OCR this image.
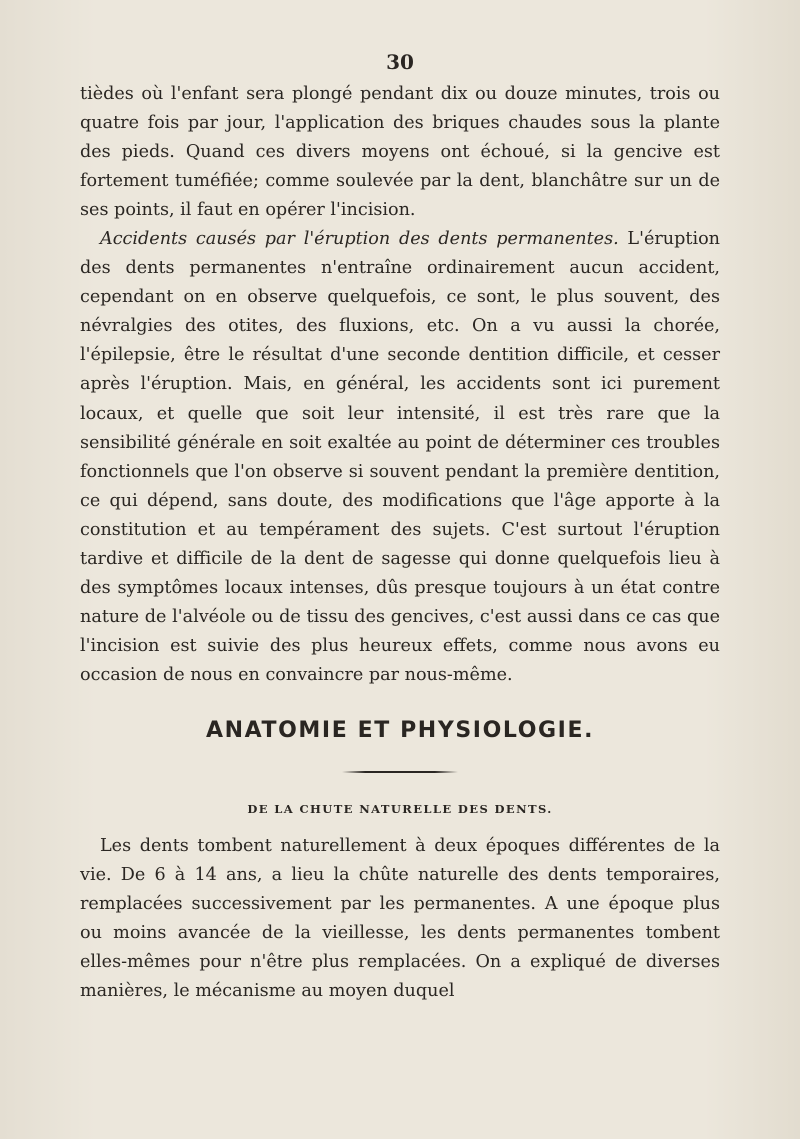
30

tièdes où l'enfant sera plongé pendant dix ou douze minutes, trois ou quatre fois par jour, l'application des briques chaudes sous la plante des pieds. Quand ces divers moyens ont échoué, si la gencive est fortement tuméfiée; comme soulevée par la dent, blanchâtre sur un de ses points, il faut en opérer l'incision.

Accidents causés par l'éruption des dents permanentes. L'éruption des dents permanentes n'entraîne ordinairement aucun accident, cependant on en observe quelquefois, ce sont, le plus souvent, des névralgies des otites, des fluxions, etc. On a vu aussi la chorée, l'épilepsie, être le résultat d'une seconde dentition difficile, et cesser après l'éruption. Mais, en général, les accidents sont ici purement locaux, et quelle que soit leur intensité, il est très rare que la sensibilité générale en soit exaltée au point de déterminer ces troubles fonctionnels que l'on observe si souvent pendant la première dentition, ce qui dépend, sans doute, des modifications que l'âge apporte à la constitution et au tempérament des sujets. C'est surtout l'éruption tardive et difficile de la dent de sagesse qui donne quelquefois lieu à des symptômes locaux intenses, dûs presque toujours à un état contre nature de l'alvéole ou de tissu des gencives, c'est aussi dans ce cas que l'incision est suivie des plus heureux effets, comme nous avons eu occasion de nous en convaincre par nous-même.

ANATOMIE ET PHYSIOLOGIE.
DE LA CHUTE NATURELLE DES DENTS.

Les dents tombent naturellement à deux époques différentes de la vie. De 6 à 14 ans, a lieu la chûte naturelle des dents temporaires, remplacées successivement par les permanentes. A une époque plus ou moins avancée de la vieillesse, les dents permanentes tombent elles-mêmes pour n'être plus remplacées. On a expliqué de diverses manières, le mécanisme au moyen duquel
